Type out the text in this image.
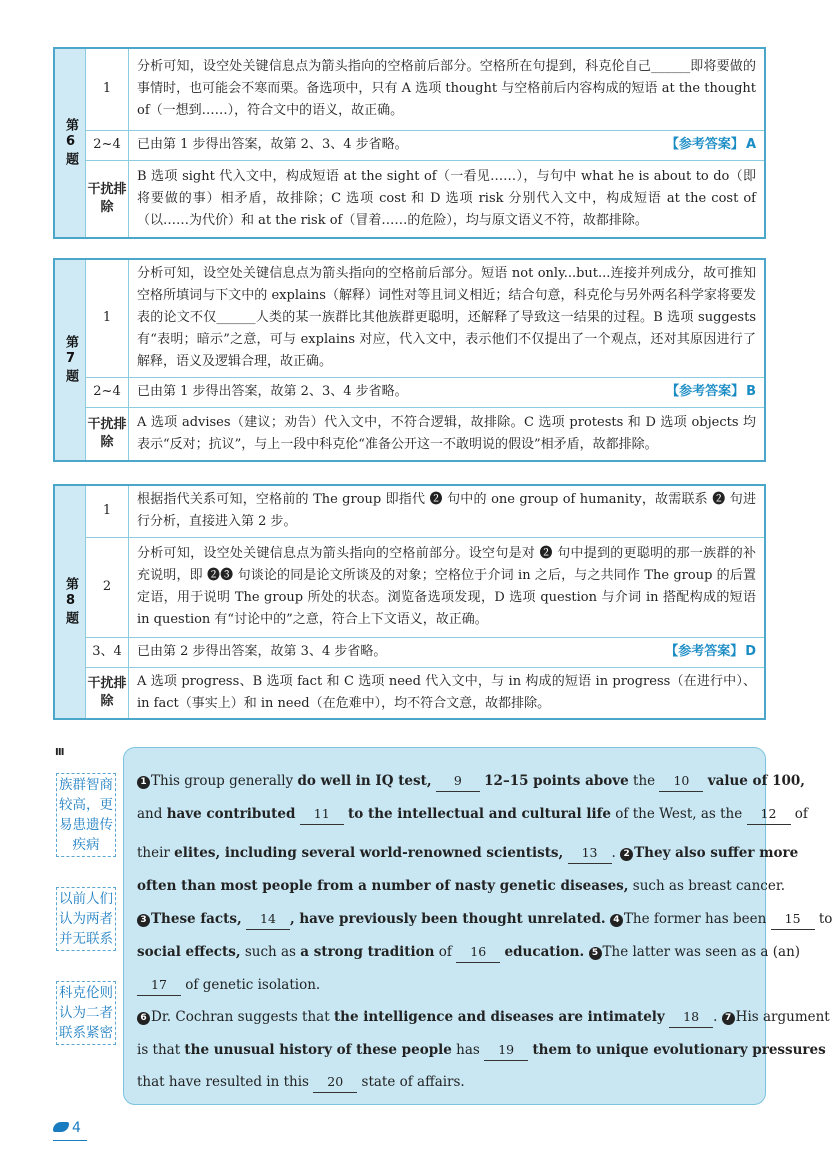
第6题	1	分析可知，设空处关键信息点为箭头指向的空格前后部分。空格所在句提到，科克伦自己______即将要做的事情时，也可能会不寒而栗。备选项中，只有 A 选项 thought 与空格前后内容构成的短语 at the thought of（一想到……），符合文中的语义，故正确。
	2~4	已由第 1 步得出答案，故第 2、3、4 步省略。 【参考答案】 A

	干扰排除	B 选项 sight 代入文中，构成短语 at the sight of（一看见……），与句中 what he is about to do（即将要做的事）相矛盾，故排除；C 选项 cost 和 D 选项 risk 分别代入文中，构成短语 at the cost of（以……为代价）和 at the risk of（冒着……的危险），均与原文语义不符，故都排除。
第7题	1	分析可知，设空处关键信息点为箭头指向的空格前后部分。短语 not only...but...连接并列成分，故可推知空格所填词与下文中的 explains（解释）词性对等且词义相近；结合句意，科克伦与另外两名科学家将要发表的论文不仅______人类的某一族群比其他族群更聪明，还解释了导致这一结果的过程。B 选项 suggests 有“表明；暗示”之意，可与 explains 对应，代入文中，表示他们不仅提出了一个观点，还对其原因进行了解释，语义及逻辑合理，故正确。
	2~4	已由第 1 步得出答案，故第 2、3、4 步省略。 【参考答案】 B

	干扰排除	A 选项 advises（建议；劝告）代入文中，不符合逻辑，故排除。C 选项 protests 和 D 选项 objects 均表示“反对；抗议”，与上一段中科克伦“准备公开这一不敢明说的假设”相矛盾，故都排除。
第8题	1	根据指代关系可知，空格前的 The group 即指代 ❷ 句中的 one group of humanity，故需联系 ❷ 句进行分析，直接进入第 2 步。
	2	分析可知，设空处关键信息点为箭头指向的空格前部分。设空句是对 ❷ 句中提到的更聪明的那一族群的补充说明，即 ❷❸ 句谈论的同是论文所谈及的对象；空格位于介词 in 之后，与之共同作 The group 的后置定语，用于说明 The group 所处的状态。浏览备选项发现，D 选项 question 与介词 in 搭配构成的短语 in question 有“讨论中的”之意，符合上下文语义，故正确。
	3、4	已由第 2 步得出答案，故第 3、4 步省略。 【参考答案】 D

	干扰排除	A 选项 progress、B 选项 fact 和 C 选项 need 代入文中，与 in 构成的短语 in progress（在进行中）、in fact（事实上）和 in need（在危难中），均不符合文意，故都排除。
Ⅲ
族群智商较高，更易患遗传疾病
以前人们认为两者并无联系
科克伦则认为二者联系紧密
1 This group generally do well in IQ test, 9 12–15 points above the 10 value of 100,
and have contributed 11 to the intellectual and cultural life of the West, as the 12 of
their elites, including several world-renowned scientists, 13 . 2 They also suffer more
often than most people from a number of nasty genetic diseases, such as breast cancer.
3 These facts, 14 , have previously been thought unrelated. 4 The former has been 15 to
social effects, such as a strong tradition of 16 education. 5 The latter was seen as a (an)
17 of genetic isolation.
6 Dr. Cochran suggests that the intelligence and diseases are intimately 18 . 7 His argument
is that the unusual history of these people has 19 them to unique evolutionary pressures
that have resulted in this 20 state of affairs.
4
